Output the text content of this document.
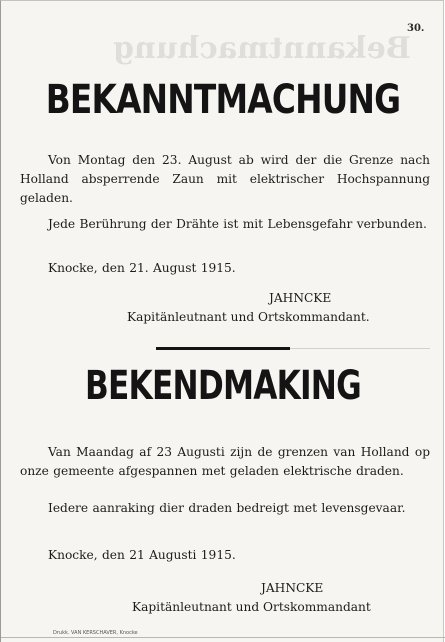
30.
Bekanntmachung
BEKANNTMACHUNG

Von Montag den 23. August ab wird der die Grenze nach Holland absperrende Zaun mit elektrischer Hochspannung geladen.

Jede Berührung der Drähte ist mit Lebensgefahr verbunden.

Knocke, den 21. August 1915.

JAHNCKE
Kapitänleutnant und Ortskommandant.
BEKENDMAKING

Van Maandag af 23 Augusti zijn de grenzen van Holland op onze gemeente afgespannen met geladen elektrische draden.

Iedere aanraking dier draden bedreigt met levensgevaar.

Knocke, den 21 Augusti 1915.

JAHNCKE
Kapitänleutnant und Ortskommandant
Drukk. VAN KERSCHAVER, Knocke
